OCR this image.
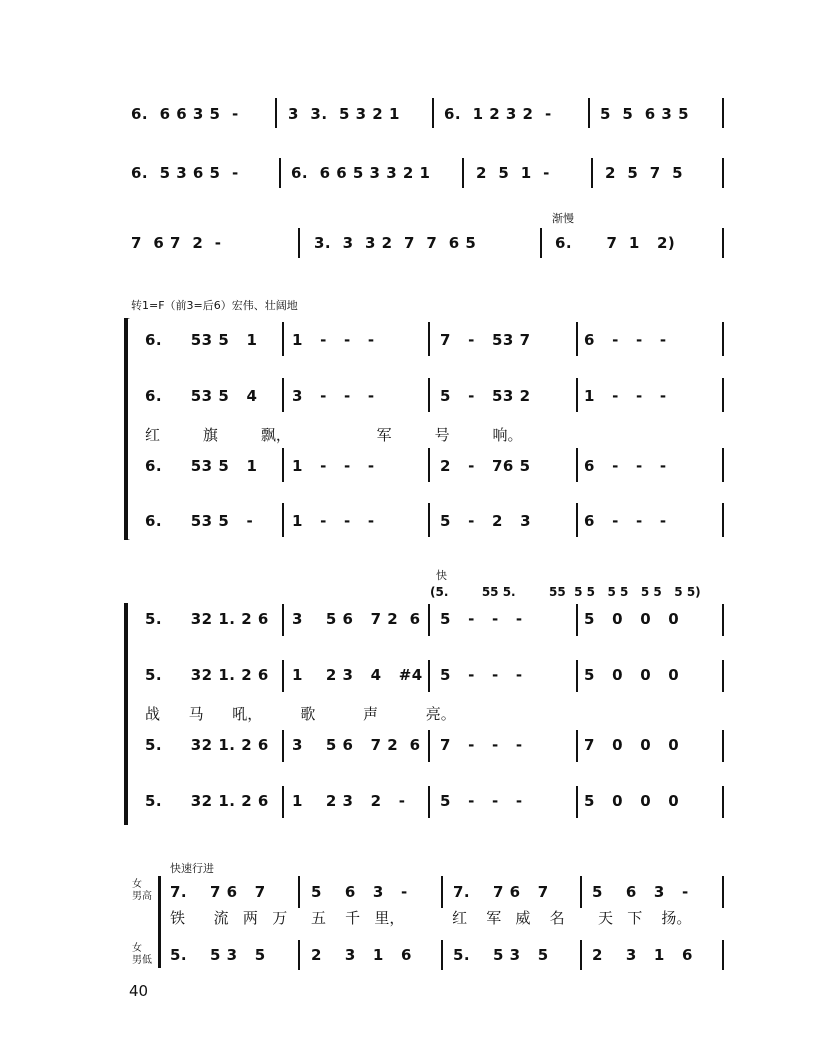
6.  6 6 3 5  -	3  3.  5 3 2 1	6.  1 2 3 2  -	5  5  6 3 5
6.  5 3 6 5  -	6.  6 6 5 3 3 2 1	2  5  1  -	2  5  7  5
渐慢
7  6 7  2  -	3.  3  3 2  7  7  6 5	6.      7  1   2)
转1=F（前3=后6）宏伟、壮阔地
6.     53 5   1 1   -   -   -	7   -   53 7	6   -   -   -
6.     53 5   4 3   -   -   -	5   -   53 2	1   -   -   -
红         旗         飘，                  军         号         响。
6.     53 5   1 1   -   -   -	2   -   76 5	6   -   -   -
6.     53 5   -	1   -   -   -	5   -   2   3	6   -   -   -
快
(5.        55 5.        55  5 5   5 5   5 5   5 5)
5.     32 1. 2 6 3    5 6   7 2  6 5   -   -   -	5   0   0   0
5.     32 1. 2 6 1    2 3   4   #4 5   -   -   -	5   0   0   0
战      马      吼，        歌          声          亮。
5.     32 1. 2 6 3    5 6   7 2  6 7   -   -   -	7   0   0   0
5.     32 1. 2 6 1    2 3   2   - 5   -   -   -	5   0   0   0
快速行进
女
男高
女
男低
7.    7 6   7	5    6   3   -	7.    7 6   7	5    6   3   -
铁      流   两   万     五    千   里，          红    军   威    名       天   下    扬。
5.    5 3   5	2    3   1   6	5.    5 3   5	2    3   1   6
40
